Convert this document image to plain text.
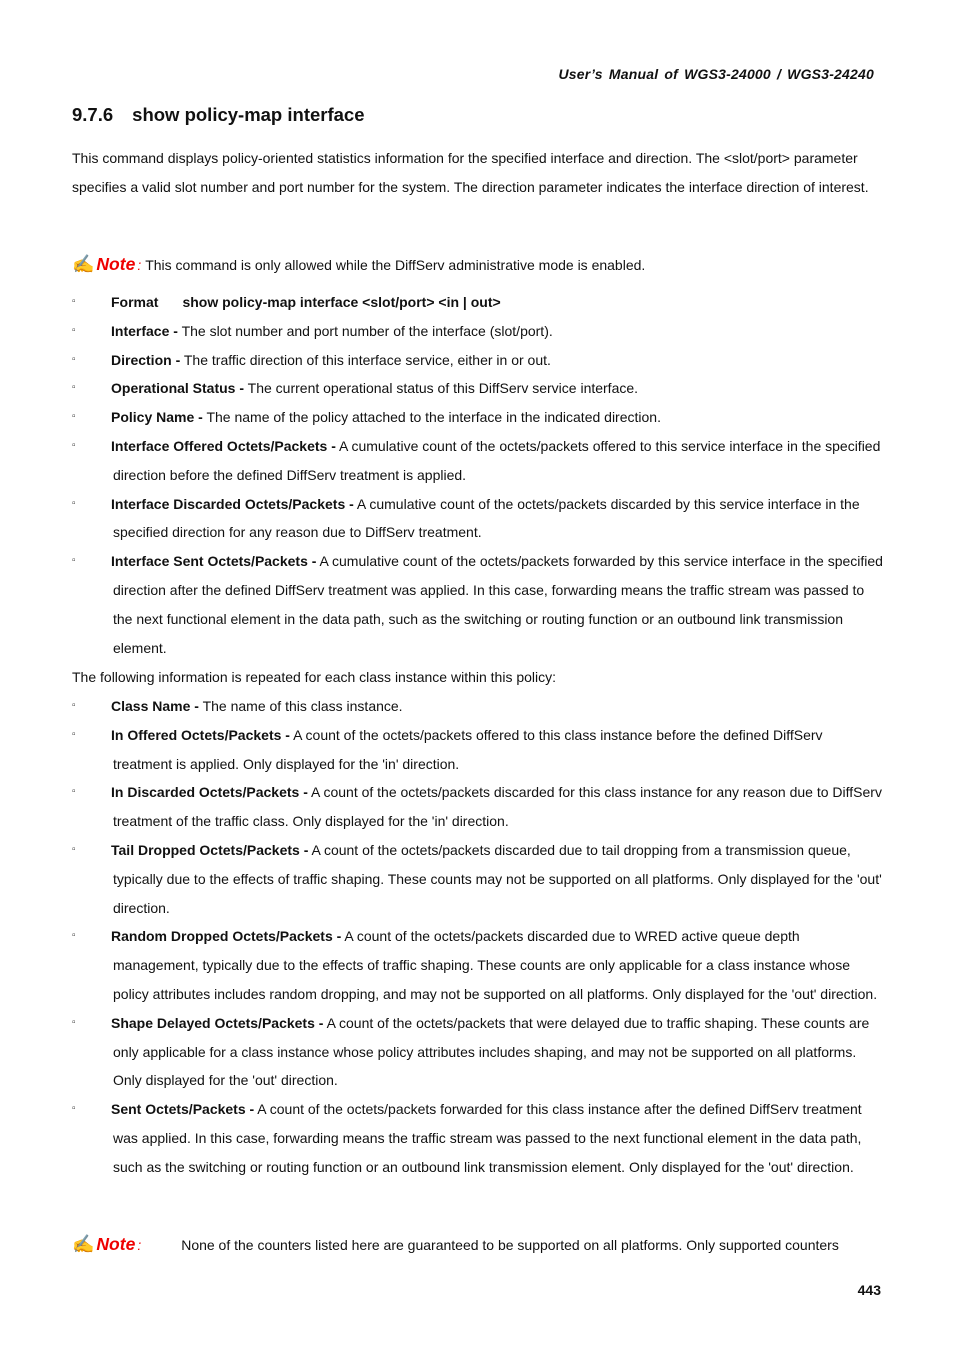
User’s Manual of WGS3-24000 / WGS3-24240
9.7.6 show policy-map interface
This command displays policy-oriented statistics information for the specified interface and direction. The <slot/port> parameter specifies a valid slot number and port number for the system. The direction parameter indicates the interface direction of interest.
✍ Note : This command is only allowed while the DiffServ administrative mode is enabled.
▫	Format show policy-map interface <slot/port> <in | out>
▫	Interface - The slot number and port number of the interface (slot/port).
▫	Direction - The traffic direction of this interface service, either in or out.
▫	Operational Status - The current operational status of this DiffServ service interface.
▫	Policy Name - The name of the policy attached to the interface in the indicated direction.
▫	Interface Offered Octets/Packets - A cumulative count of the octets/packets offered to this service interface in the specified direction before the defined DiffServ treatment is applied.
▫	Interface Discarded Octets/Packets - A cumulative count of the octets/packets discarded by this service interface in the specified direction for any reason due to DiffServ treatment.
▫	Interface Sent Octets/Packets - A cumulative count of the octets/packets forwarded by this service interface in the specified direction after the defined DiffServ treatment was applied. In this case, forwarding means the traffic stream was passed to the next functional element in the data path, such as the switching or routing function or an outbound link transmission element.
The following information is repeated for each class instance within this policy:
▫	Class Name - The name of this class instance.
▫	In Offered Octets/Packets - A count of the octets/packets offered to this class instance before the defined DiffServ treatment is applied. Only displayed for the 'in' direction.
▫	In Discarded Octets/Packets - A count of the octets/packets discarded for this class instance for any reason due to DiffServ treatment of the traffic class. Only displayed for the 'in' direction.
▫	Tail Dropped Octets/Packets - A count of the octets/packets discarded due to tail dropping from a transmission queue, typically due to the effects of traffic shaping. These counts may not be supported on all platforms. Only displayed for the 'out' direction.
▫	Random Dropped Octets/Packets - A count of the octets/packets discarded due to WRED active queue depth management, typically due to the effects of traffic shaping. These counts are only applicable for a class instance whose policy attributes includes random dropping, and may not be supported on all platforms. Only displayed for the 'out' direction.
▫	Shape Delayed Octets/Packets - A count of the octets/packets that were delayed due to traffic shaping. These counts are only applicable for a class instance whose policy attributes includes shaping, and may not be supported on all platforms. Only displayed for the 'out' direction.
▫	Sent Octets/Packets - A count of the octets/packets forwarded for this class instance after the defined DiffServ treatment was applied. In this case, forwarding means the traffic stream was passed to the next functional element in the data path, such as the switching or routing function or an outbound link transmission element. Only displayed for the 'out' direction.
✍ Note :	None of the counters listed here are guaranteed to be supported on all platforms. Only supported counters
443
